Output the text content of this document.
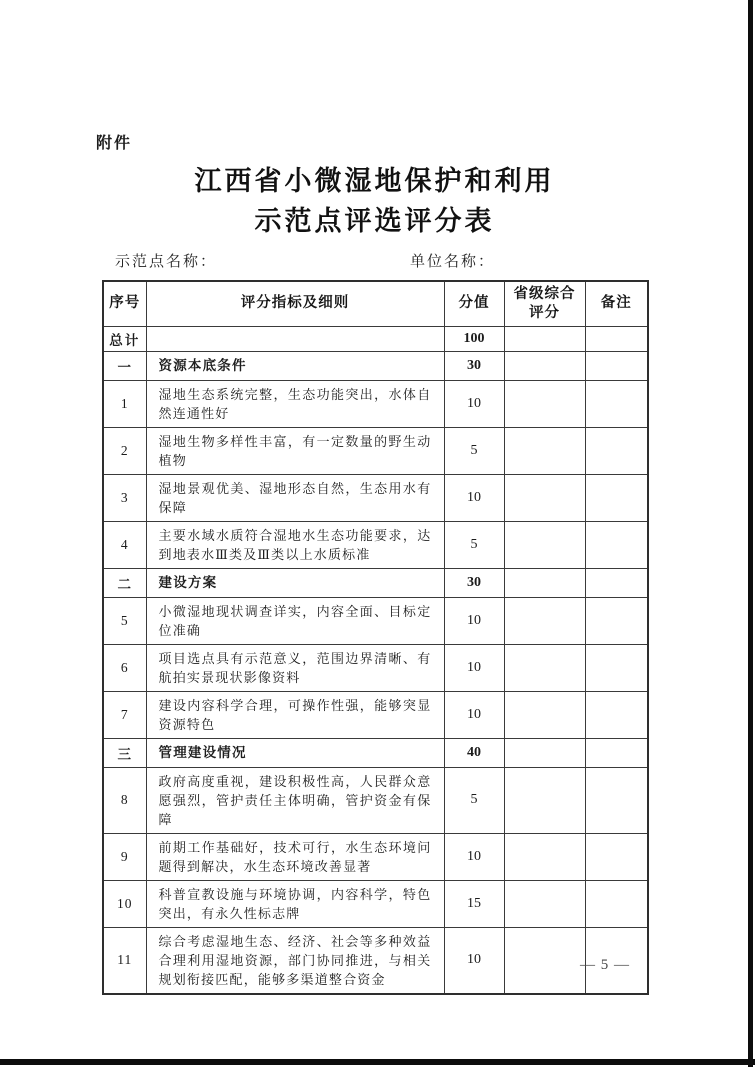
附件
江西省小微湿地保护和利用
示范点评选评分表
示范点名称：	单位名称：
序号	评分指标及细则	分值	省级综合评分	备注
总计		100		
一	资源本底条件	30		
1	湿地生态系统完整，生态功能突出，水体自然连通性好	10		
2	湿地生物多样性丰富，有一定数量的野生动植物	5		
3	湿地景观优美、湿地形态自然，生态用水有保障	10		
4	主要水域水质符合湿地水生态功能要求，达到地表水Ⅲ类及Ⅲ类以上水质标准	5		
二	建设方案	30		
5	小微湿地现状调查详实，内容全面、目标定位准确	10		
6	项目选点具有示范意义，范围边界清晰、有航拍实景现状影像资料	10		
7	建设内容科学合理，可操作性强，能够突显资源特色	10		
三	管理建设情况	40		
8	政府高度重视，建设积极性高，人民群众意愿强烈，管护责任主体明确，管护资金有保障	5		
9	前期工作基础好，技术可行，水生态环境问题得到解决，水生态环境改善显著	10		
10	科普宣教设施与环境协调，内容科学，特色突出，有永久性标志牌	15		
11	综合考虑湿地生态、经济、社会等多种效益合理利用湿地资源，部门协同推进，与相关规划衔接匹配，能够多渠道整合资金	10			— 5 —
